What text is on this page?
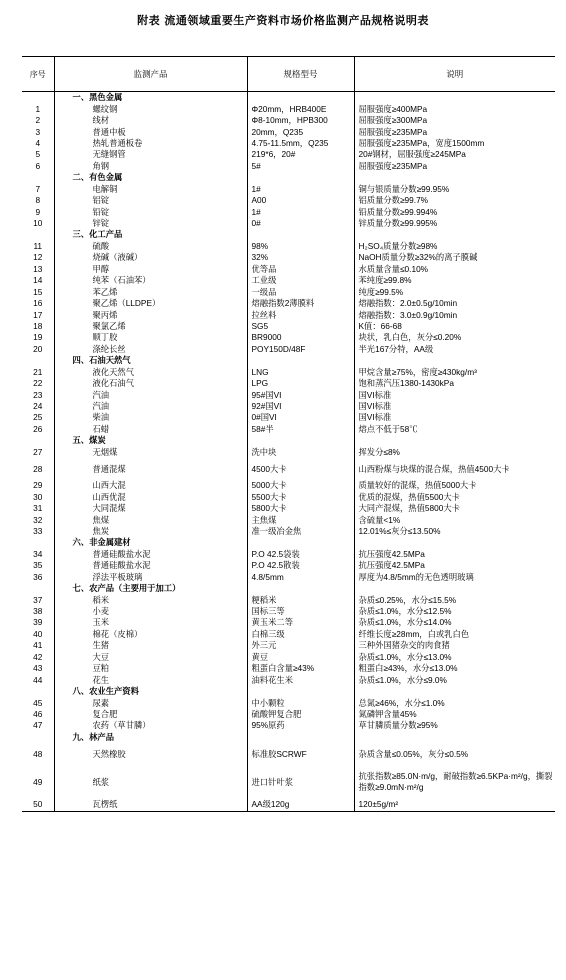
附表 流通领域重要生产资料市场价格监测产品规格说明表
序号	监测产品	规格型号	说明
	一、黑色金属		
1	螺纹钢	Φ20mm，HRB400E	屈服强度≥400MPa
2	线材	Φ8-10mm，HPB300	屈服强度≥300MPa
3	普通中板	20mm，Q235	屈服强度≥235MPa
4	热轧普通板卷	4.75-11.5mm，Q235	屈服强度≥235MPa，宽度1500mm
5	无缝钢管	219*6，20#	20#钢材，屈服强度≥245MPa
6	角钢	5#	屈服强度≥235MPa
	二、有色金属		
7	电解铜	1#	铜与银质量分数≥99.95%
8	铝锭	A00	铝质量分数≥99.7%
9	铅锭	1#	铅质量分数≥99.994%
10	锌锭	0#	锌质量分数≥99.995%
	三、化工产品		
11	硫酸	98%	H₂SO₄质量分数≥98%
12	烧碱（液碱）	32%	NaOH质量分数≥32%的离子膜碱
13	甲醇	优等品	水质量含量≤0.10%
14	纯苯（石油苯）	工业级	苯纯度≥99.8%
15	苯乙烯	一级品	纯度≥99.5%
16	聚乙烯（LLDPE）	熔融指数2薄膜料	熔融指数：2.0±0.5g/10min
17	聚丙烯	拉丝料	熔融指数：3.0±0.9g/10min
18	聚氯乙烯	SG5	K值：66-68
19	顺丁胶	BR9000	块状，乳白色，灰分≤0.20%
20	涤纶长丝	POY150D/48F	半光167分特，AA级
	四、石油天然气		
21	液化天然气	LNG	甲烷含量≥75%，密度≥430kg/m³
22	液化石油气	LPG	饱和蒸汽压1380-1430kPa
23	汽油	95#国VI	国VI标准
24	汽油	92#国VI	国VI标准
25	柴油	0#国VI	国VI标准
26	石蜡	58#半	熔点不低于58℃
	五、煤炭		
27	无烟煤	洗中块	挥发分≤8%
28	普通混煤	4500大卡	山西粉煤与块煤的混合煤，热值4500大卡
29	山西大混	5000大卡	质量较好的混煤，热值5000大卡
30	山西优混	5500大卡	优质的混煤，热值5500大卡
31	大同混煤	5800大卡	大同产混煤，热值5800大卡
32	焦煤	主焦煤	含硫量<1%
33	焦炭	准一级冶金焦	12.01%≤灰分≤13.50%
	六、非金属建材		
34	普通硅酸盐水泥	P.O 42.5袋装	抗压强度42.5MPa
35	普通硅酸盐水泥	P.O 42.5散装	抗压强度42.5MPa
36	浮法平板玻璃	4.8/5mm	厚度为4.8/5mm的无色透明玻璃
	七、农产品（主要用于加工）		
37	稻米	粳稻米	杂质≤0.25%，水分≤15.5%
38	小麦	国标三等	杂质≤1.0%，水分≤12.5%
39	玉米	黄玉米二等	杂质≤1.0%，水分≤14.0%
40	棉花（皮棉）	白棉三级	纤维长度≥28mm，白或乳白色
41	生猪	外三元	三种外国猪杂交的肉食猪
42	大豆	黄豆	杂质≤1.0%，水分≤13.0%
43	豆粕	粗蛋白含量≥43%	粗蛋白≥43%，水分≤13.0%
44	花生	油料花生米	杂质≤1.0%，水分≤9.0%
	八、农业生产资料		
45	尿素	中小颗粒	总氮≥46%，水分≤1.0%
46	复合肥	硫酸钾复合肥	氮磷钾含量45%
47	农药（草甘膦）	95%原药	草甘膦质量分数≥95%
	九、林产品		
48	天然橡胶	标准胶SCRWF	杂质含量≤0.05%，灰分≤0.5%
49	纸浆	进口针叶浆	抗张指数≥85.0N·m/g，耐破指数≥6.5KPa·m²/g，撕裂指数≥9.0mN·m²/g
50	瓦楞纸	AA级120g	120±5g/m²
